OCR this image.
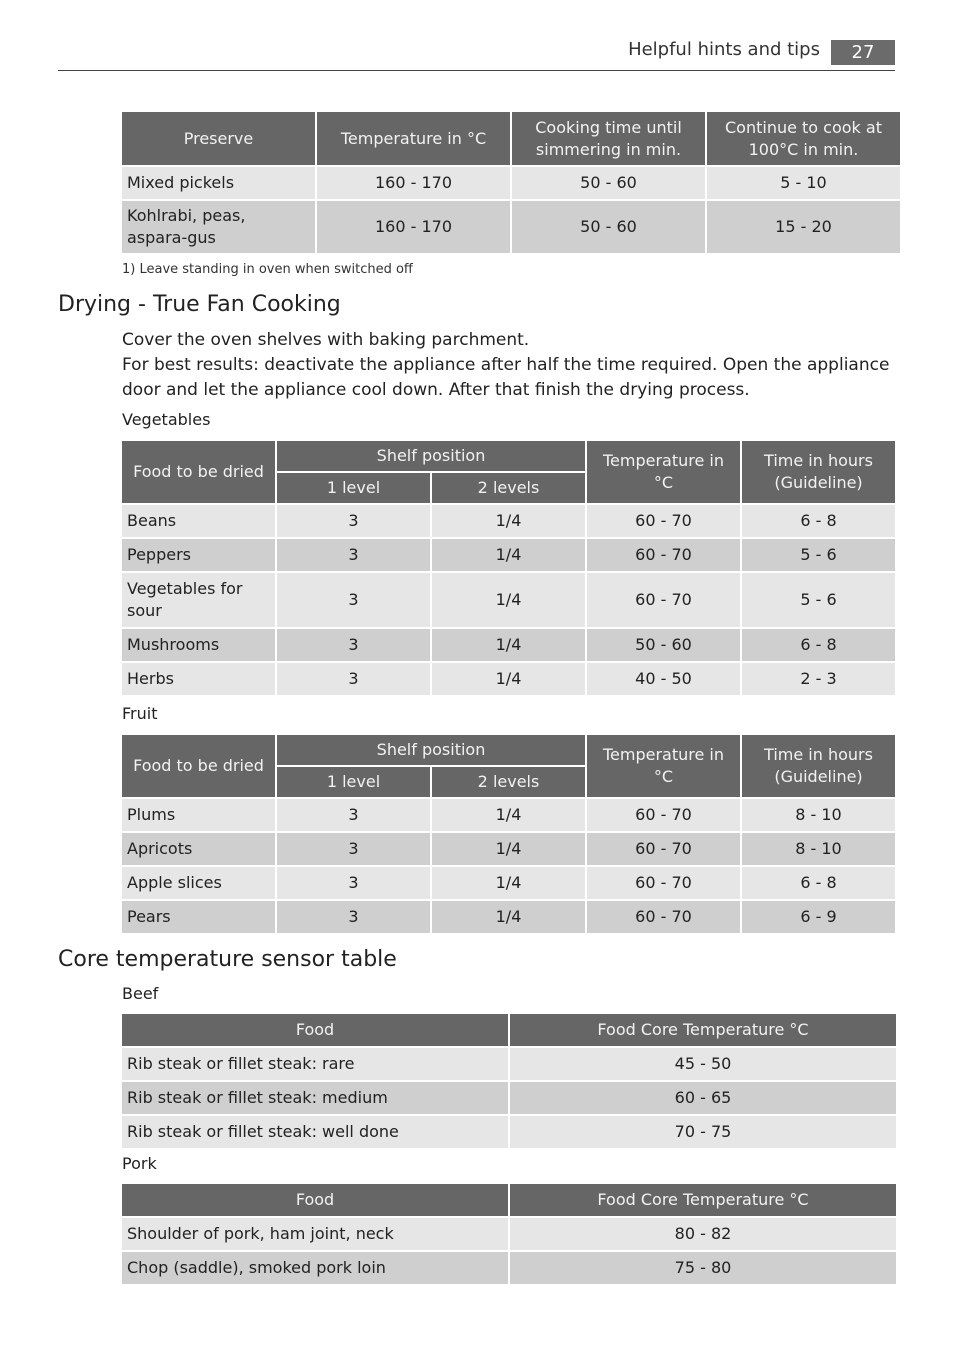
Helpful hints and tips	27
Preserve	Temperature in °C	Cooking time until simmering in min.	Continue to cook at 100°C in min.
Mixed pickels	160 - 170	50 - 60	5 - 10
Kohlrabi, peas, aspara-gus	160 - 170	50 - 60	15 - 20
1) Leave standing in oven when switched off
Drying - True Fan Cooking

Cover the oven shelves with baking parchment.

For best results: deactivate the appliance after half the time required. Open the appliance door and let the appliance cool down. After that finish the drying process.

Vegetables
Food to be dried	Shelf position		Temperature in °C	Time in hours (Guideline)
	1 level	2 levels		
Beans	3	1/4	60 - 70	6 - 8
Peppers	3	1/4	60 - 70	5 - 6
Vegetables for sour	3	1/4	60 - 70	5 - 6
Mushrooms	3	1/4	50 - 60	6 - 8
Herbs	3	1/4	40 - 50	2 - 3
Fruit
Food to be dried	Shelf position		Temperature in °C	Time in hours (Guideline)
	1 level	2 levels		
Plums	3	1/4	60 - 70	8 - 10
Apricots	3	1/4	60 - 70	8 - 10
Apple slices	3	1/4	60 - 70	6 - 8
Pears	3	1/4	60 - 70	6 - 9
Core temperature sensor table
Beef
Food	Food Core Temperature °C
Rib steak or fillet steak: rare	45 - 50
Rib steak or fillet steak: medium	60 - 65
Rib steak or fillet steak: well done	70 - 75
Pork
Food	Food Core Temperature °C
Shoulder of pork, ham joint, neck	80 - 82
Chop (saddle), smoked pork loin	75 - 80
